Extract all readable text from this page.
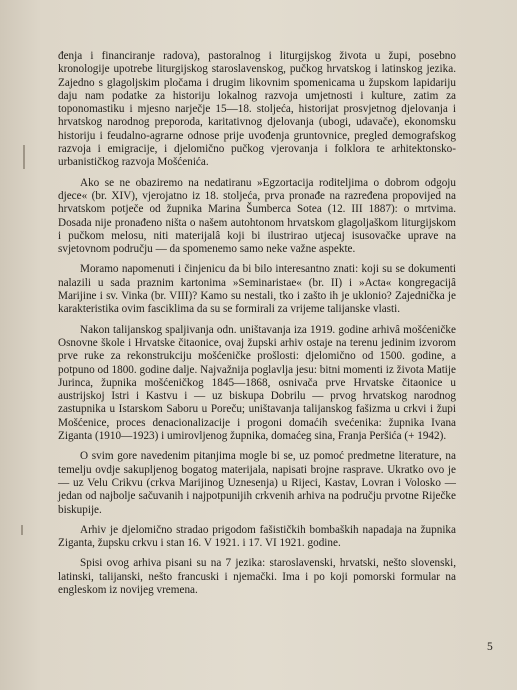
đenja i financiranje radova), pastoralnog i liturgijskog života u župi, posebno kronologije upotrebe liturgijskog staroslavenskog, pučkog hrvatskog i latinskog jezika. Zajedno s glagoljskim pločama i drugim likovnim spomenicama u župskom lapidariju daju nam podatke za historiju lokalnog razvoja umjetnosti i kulture, zatim za toponomastiku i mjesno narječje 15—18. stoljeća, historijat prosvjetnog djelovanja i hrvatskog narodnog preporoda, karitativnog djelovanja (ubogi, udavače), ekonomsku historiju i feudalno-agrarne odnose prije uvođenja gruntovnice, pregled demografskog razvoja i emigracije, i djelomično pučkog vjerovanja i folklora te arhitektonsko-urbanističkog razvoja Mošćenića.

Ako se ne obaziremo na nedatiranu »Egzortacija roditeljima o dobrom odgoju djece« (br. XIV), vjerojatno iz 18. stoljeća, prva pronađe na razređena propovijed na hrvatskom potječe od župnika Marina Šumberca Sotea (12. III 1887): o mrtvima. Dosada nije pronađeno ništa o našem autohtonom hrvatskom glagoljaškom liturgijskom i pučkom melosu, niti materijalâ koji bi ilustrirao utjecaj isusovačke uprave na svjetovnom području — da spomenemo samo neke važne aspekte.

Moramo napomenuti i činjenicu da bi bilo interesantno znati: koji su se dokumenti nalazili u sada praznim kartonima »Seminaristae« (br. II) i »Acta« kongregacijâ Marijine i sv. Vinka (br. VIII)? Kamo su nestali, tko i zašto ih je uklonio? Zajednička je karakteristika ovim fasciklima da su se formirali za vrijeme talijanske vlasti.

Nakon talijanskog spaljivanja odn. uništavanja iza 1919. godine arhivâ mošćeničke Osnovne škole i Hrvatske čitaonice, ovaj župski arhiv ostaje na terenu jedinim izvorom prve ruke za rekonstrukciju mošćeničke prošlosti: djelomično od 1500. godine, a potpuno od 1800. godine dalje. Najvažnija poglavlja jesu: bitni momenti iz života Matije Jurinca, župnika mošćeničkog 1845—1868, osnivača prve Hrvatske čitaonice u austrijskoj Istri i Kastvu i — uz biskupa Dobrilu — prvog hrvatskog narodnog zastupnika u Istarskom Saboru u Poreču; uništavanja talijanskog fašizma u crkvi i župi Mošćenice, proces denacionalizacije i progoni domaćih svećenika: župnika Ivana Ziganta (1910—1923) i umirovljenog župnika, domaćeg sina, Franja Peršića (+ 1942).

O svim gore navedenim pitanjima mogle bi se, uz pomoć predmetne literature, na temelju ovdje sakupljenog bogatog materijala, napisati brojne rasprave. Ukratko ovo je — uz Velu Crikvu (crkva Marijinog Uznesenja) u Rijeci, Kastav, Lovran i Volosko — jedan od najbolje sačuvanih i najpotpunijih crkvenih arhiva na području prvotne Riječke biskupije.

Arhiv je djelomično stradao prigodom fašističkih bombaških napadaja na župnika Ziganta, župsku crkvu i stan 16. V 1921. i 17. VI 1921. godine.

Spisi ovog arhiva pisani su na 7 jezika: staroslavenski, hrvatski, nešto slovenski, latinski, talijanski, nešto francuski i njemački. Ima i po koji pomorski formular na engleskom iz novijeg vremena.

5
